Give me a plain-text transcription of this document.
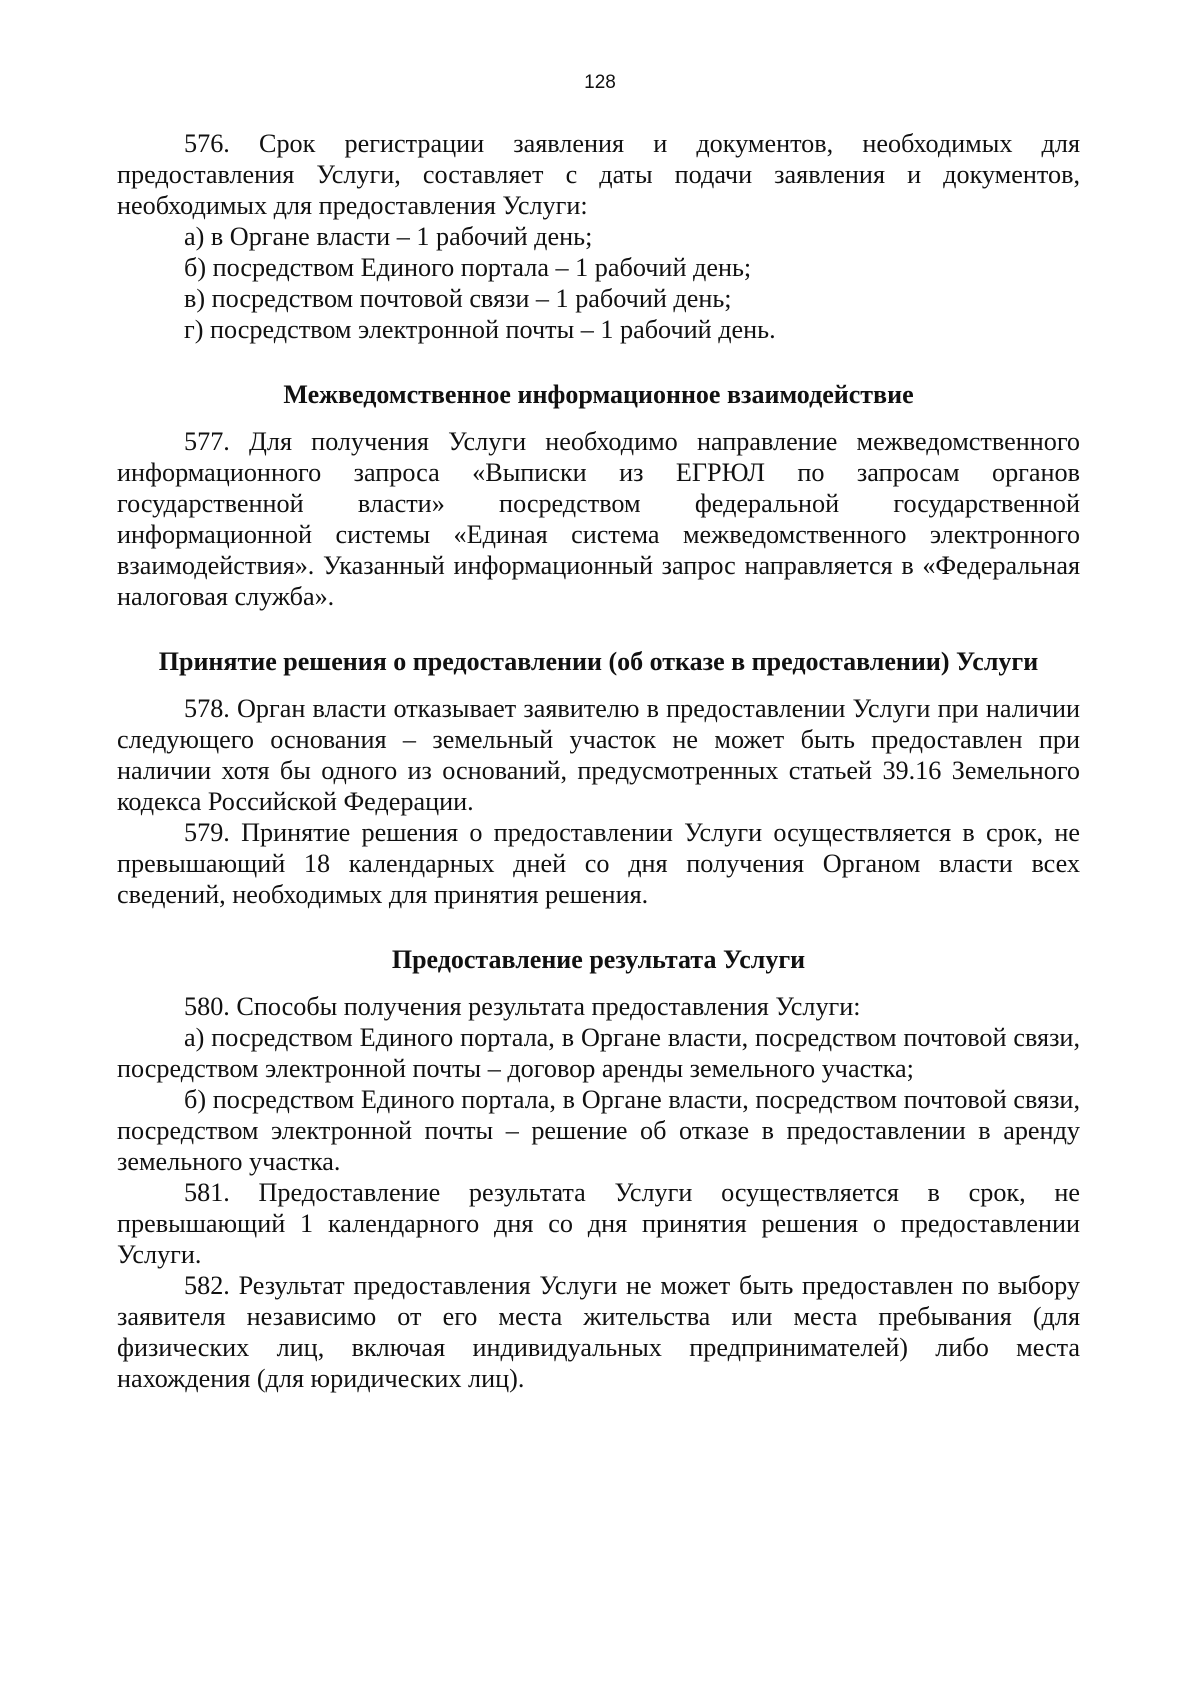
128

576. Срок регистрации заявления и документов, необходимых для предоставления Услуги, составляет с даты подачи заявления и документов, необходимых для предоставления Услуги:

а) в Органе власти – 1 рабочий день;

б) посредством Единого портала – 1 рабочий день;

в) посредством почтовой связи – 1 рабочий день;

г) посредством электронной почты – 1 рабочий день.

Межведомственное информационное взаимодействие

577. Для получения Услуги необходимо направление межведомственного информационного запроса «Выписки из ЕГРЮЛ по запросам органов государственной власти» посредством федеральной государственной информационной системы «Единая система межведомственного электронного взаимодействия». Указанный информационный запрос направляется в «Федеральная налоговая служба».

Принятие решения о предоставлении (об отказе в предоставлении) Услуги

578. Орган власти отказывает заявителю в предоставлении Услуги при наличии следующего основания – земельный участок не может быть предоставлен при наличии хотя бы одного из оснований, предусмотренных статьей 39.16 Земельного кодекса Российской Федерации.

579. Принятие решения о предоставлении Услуги осуществляется в срок, не превышающий 18 календарных дней со дня получения Органом власти всех сведений, необходимых для принятия решения.

Предоставление результата Услуги

580. Способы получения результата предоставления Услуги:

а) посредством Единого портала, в Органе власти, посредством почтовой связи, посредством электронной почты – договор аренды земельного участка;

б) посредством Единого портала, в Органе власти, посредством почтовой связи, посредством электронной почты – решение об отказе в предоставлении в аренду земельного участка.

581. Предоставление результата Услуги осуществляется в срок, не превышающий 1 календарного дня со дня принятия решения о предоставлении Услуги.

582. Результат предоставления Услуги не может быть предоставлен по выбору заявителя независимо от его места жительства или места пребывания (для физических лиц, включая индивидуальных предпринимателей) либо места нахождения (для юридических лиц).
